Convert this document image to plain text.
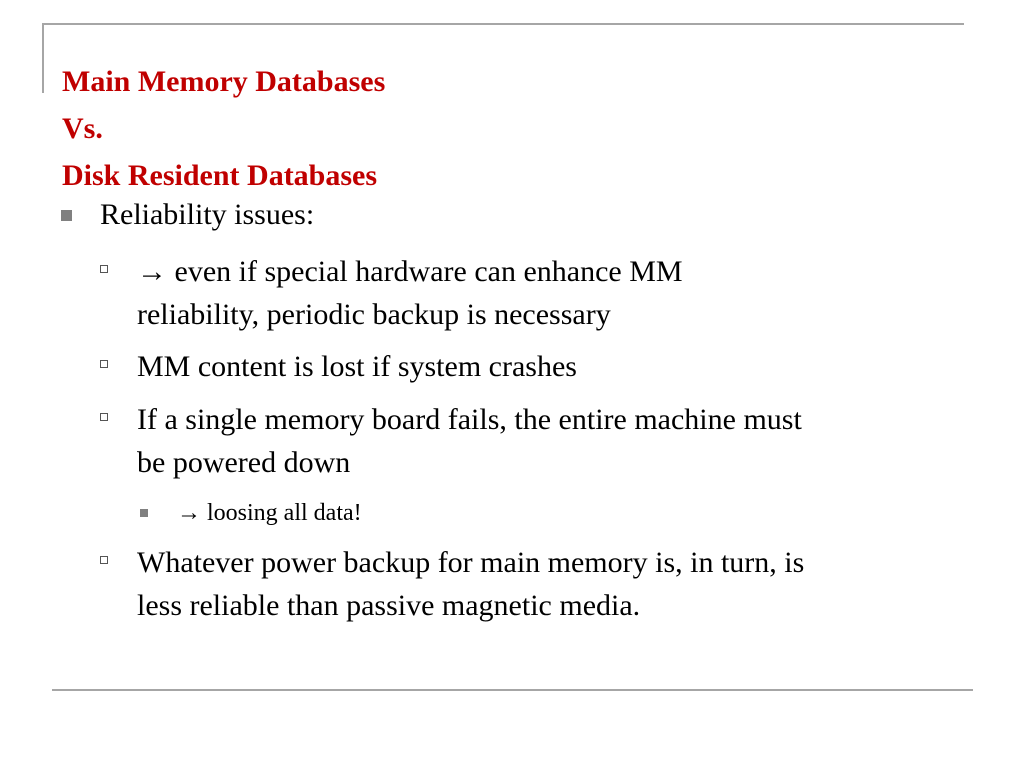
Main Memory Databases
Vs.
Disk Resident Databases
Reliability issues:
→ even if special hardware can enhance MM
reliability, periodic backup is necessary
MM content is lost if system crashes
If a single memory board fails, the entire machine must
be powered down
→ loosing all data!
Whatever power backup for main memory is, in turn, is
less reliable than passive magnetic media.
